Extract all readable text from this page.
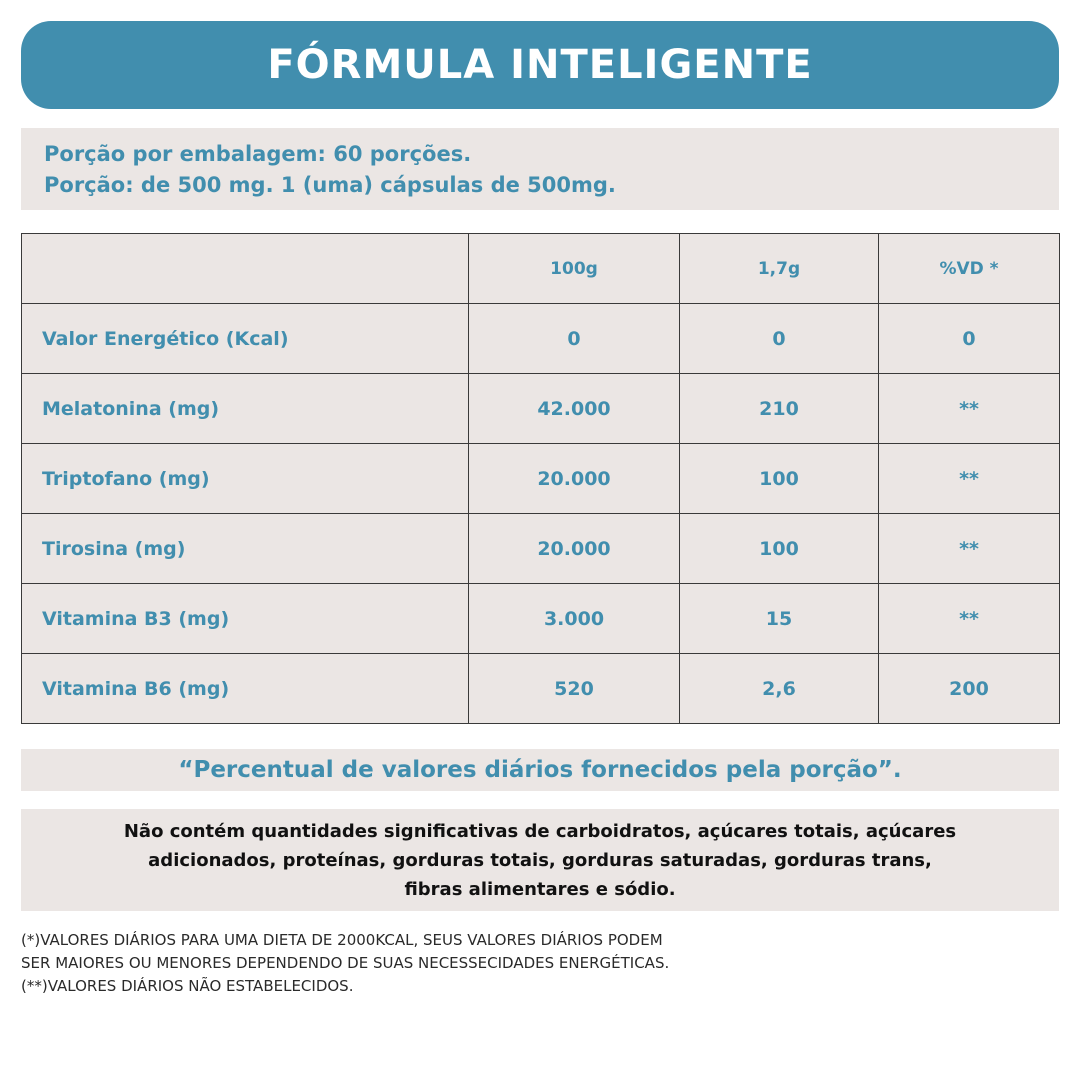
FÓRMULA INTELIGENTE
Porção por embalagem: 60 porções.
Porção: de 500 mg. 1 (uma) cápsulas de 500mg.
	100g	1,7g	%VD *
Valor Energético (Kcal)	0	0	0
Melatonina (mg)	42.000	210	**
Triptofano (mg)	20.000	100	**
Tirosina (mg)	20.000	100	**
Vitamina B3 (mg)	3.000	15	**
Vitamina B6 (mg)	520	2,6	200
“Percentual de valores diários fornecidos pela porção”.
Não contém quantidades significativas de carboidratos, açúcares totais, açúcares
adicionados, proteínas, gorduras totais, gorduras saturadas, gorduras trans,
fibras alimentares e sódio.
(*)VALORES DIÁRIOS PARA UMA DIETA DE 2000KCAL, SEUS VALORES DIÁRIOS PODEM
SER MAIORES OU MENORES DEPENDENDO DE SUAS NECESSECIDADES ENERGÉTICAS.
(**)VALORES DIÁRIOS NÃO ESTABELECIDOS.
